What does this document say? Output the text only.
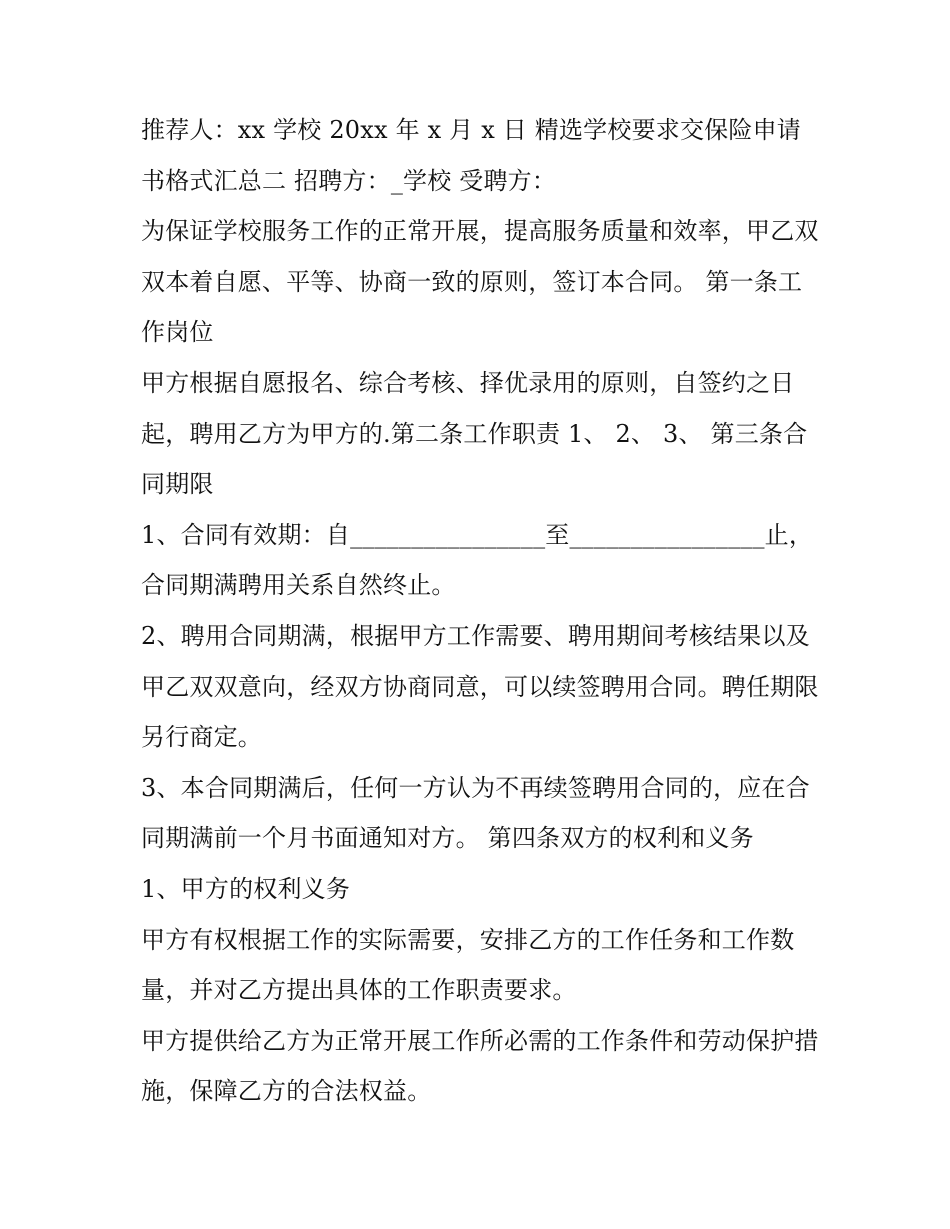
推荐人：xx 学校 20xx 年 x 月 x 日 精选学校要求交保险申请书格式汇总二 招聘方：_学校 受聘方：

为保证学校服务工作的正常开展，提高服务质量和效率，甲乙双双本着自愿、平等、协商一致的原则，签订本合同。 第一条工作岗位

甲方根据自愿报名、综合考核、择优录用的原则，自签约之日起，聘用乙方为甲方的.第二条工作职责 1、 2、 3、 第三条合同期限

1、合同有效期：自________________至________________止，合同期满聘用关系自然终止。

2、聘用合同期满，根据甲方工作需要、聘用期间考核结果以及甲乙双双意向，经双方协商同意，可以续签聘用合同。聘任期限另行商定。

3、本合同期满后，任何一方认为不再续签聘用合同的，应在合同期满前一个月书面通知对方。 第四条双方的权利和义务

1、甲方的权利义务

甲方有权根据工作的实际需要，安排乙方的工作任务和工作数量，并对乙方提出具体的工作职责要求。

甲方提供给乙方为正常开展工作所必需的工作条件和劳动保护措施，保障乙方的合法权益。
